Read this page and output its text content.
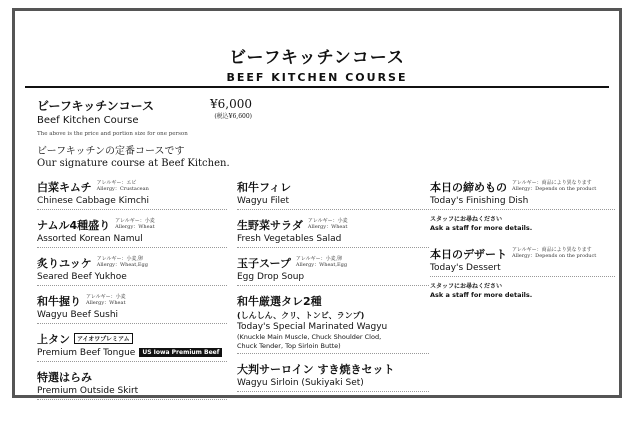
ビーフキッチンコース
BEEF KITCHEN COURSE
ビーフキッチンコース
Beef Kitchen Course
¥6,000
(税込¥6,600)
The above is the price and portion size for one person
ビーフキッチンの定番コースです
Our signature course at Beef Kitchen.
白菜キムチ アレルギー：エビ
Allergy：Crustacean
Chinese Cabbage Kimchi
ナムル4種盛り アレルギー：小麦
Allergy：Wheat
Assorted Korean Namul
炙りユッケ アレルギー：小麦,卵
Allergy：Wheat,Egg
Seared Beef Yukhoe
和牛握り アレルギー：小麦
Allergy：Wheat
Wagyu Beef Sushi
上タン	アイオワプレミアム
Premium Beef Tongue	US Iowa Premium Beef
特選はらみ
Premium Outside Skirt
和牛フィレ
Wagyu Filet
生野菜サラダ アレルギー：小麦
Allergy：Wheat
Fresh Vegetables Salad
玉子スープ アレルギー：小麦,卵
Allergy：Wheat,Egg
Egg Drop Soup
和牛厳選タレ2種
(しんしん、クリ、トンビ、ランプ)
Today's Special Marinated Wagyu
(Knuckle Main Muscle, Chuck Shoulder Clod,
Chuck Tender, Top Sirloin Butte)
大判サーロイン すき焼きセット
Wagyu Sirloin (Sukiyaki Set)
本日の締めもの アレルギー：商品により異なります
Allergy：Depends on the product
Today's Finishing Dish
スタッフにお尋ねください
Ask a staff for more details.
本日のデザート アレルギー：商品により異なります
Allergy：Depends on the product
Today's Dessert
スタッフにお尋ねください
Ask a staff for more details.
